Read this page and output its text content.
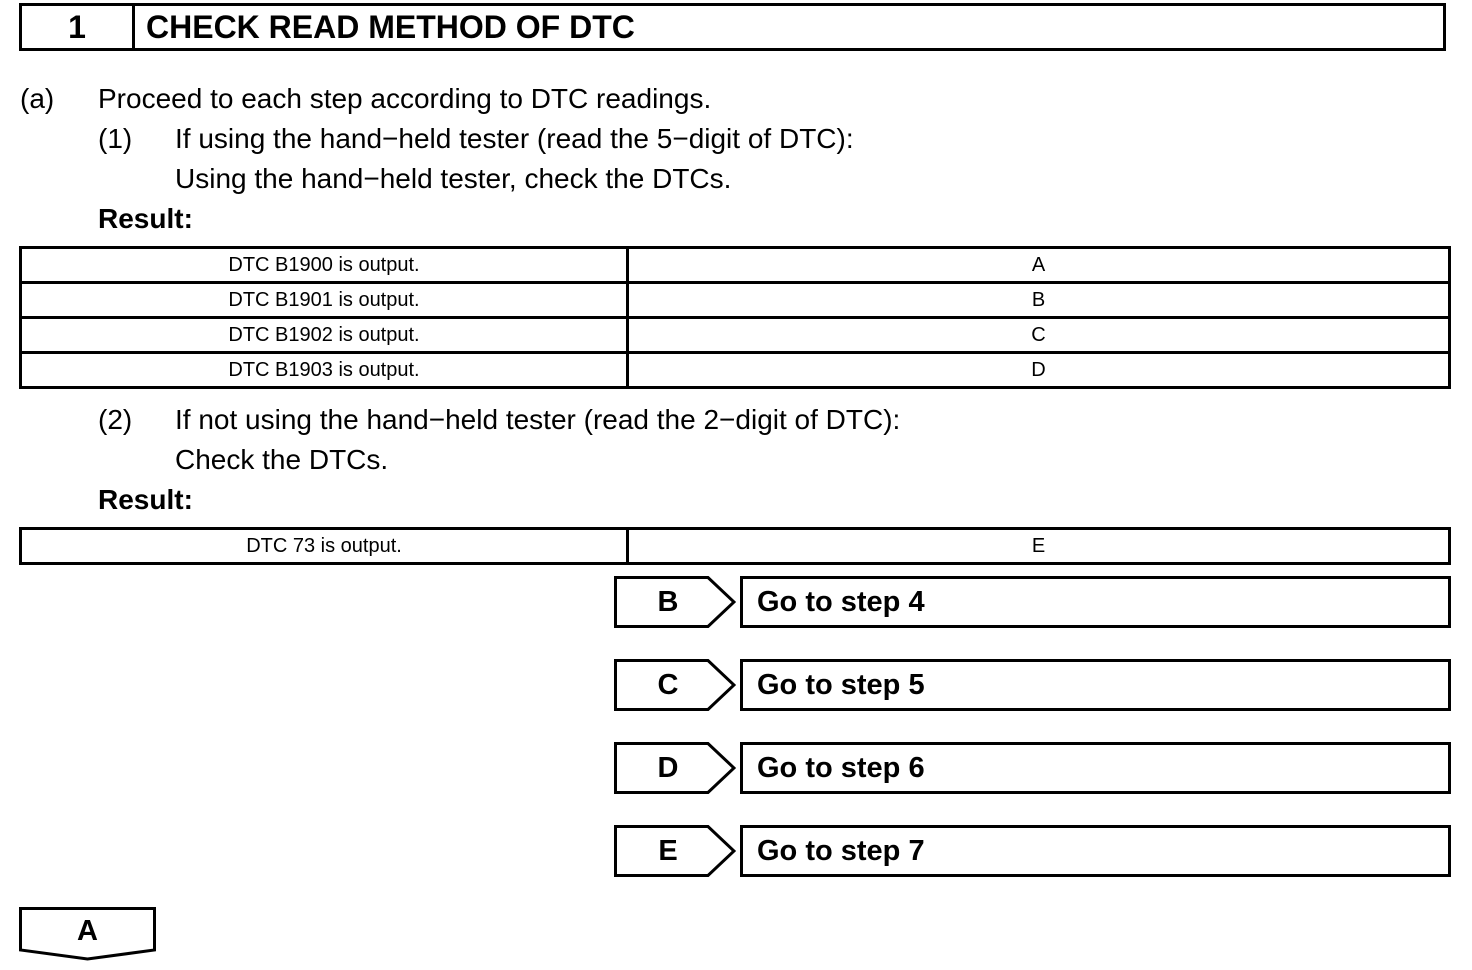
1	CHECK READ METHOD OF DTC
(a) Proceed to each step according to DTC readings.
(1) If using the hand−held tester (read the 5−digit of DTC):
Using the hand−held tester, check the DTCs.
Result:
DTC B1900 is output.	A
DTC B1901 is output.	B
DTC B1902 is output.	C
DTC B1903 is output.	D
(2) If not using the hand−held tester (read the 2−digit of DTC):
Check the DTCs.
Result:
DTC 73 is output.	E
B	Go to step 4
C	Go to step 5
D	Go to step 6
E	Go to step 7
A
